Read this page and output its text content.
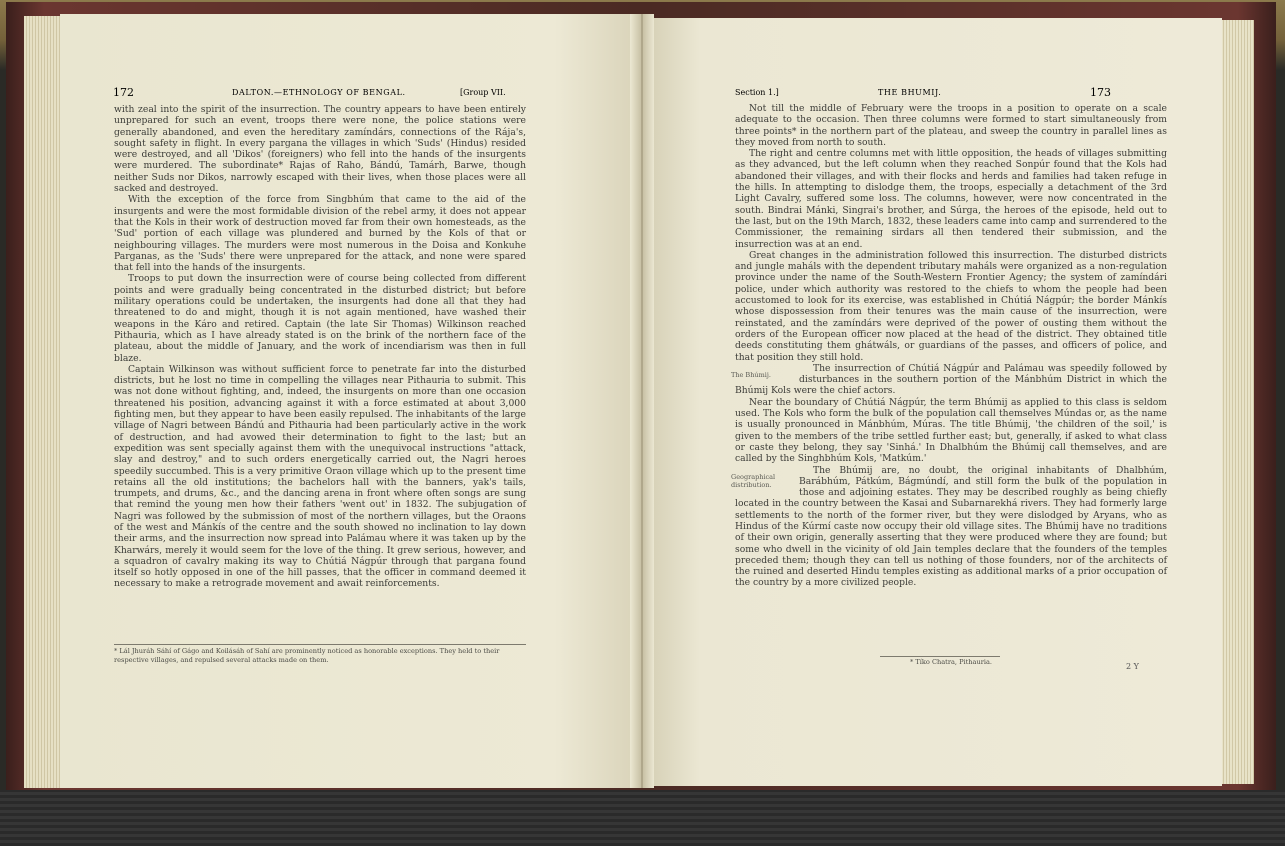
172	DALTON.—ETHNOLOGY OF BENGAL.	[Group VII.

with zeal into the spirit of the insurrection. The country appears to have been entirely unprepared for such an event, troops there were none, the police stations were generally abandoned, and even the hereditary zamíndárs, connections of the Rája's, sought safety in flight. In every pargana the villages in which 'Suds' (Hindus) resided were destroyed, and all 'Dikos' (foreigners) who fell into the hands of the insurgents were murdered. The subordinate* Rajas of Raho, Bándú, Tamárh, Barwe, though neither Suds nor Dikos, narrowly escaped with their lives, when those places were all sacked and destroyed.

With the exception of the force from Singbhúm that came to the aid of the insurgents and were the most formidable division of the rebel army, it does not appear that the Kols in their work of destruction moved far from their own homesteads, as the 'Sud' portion of each village was plundered and burned by the Kols of that or neighbouring villages. The murders were most numerous in the Doisa and Konkuhe Parganas, as the 'Suds' there were unprepared for the attack, and none were spared that fell into the hands of the insurgents.

Troops to put down the insurrection were of course being collected from different points and were gradually being concentrated in the disturbed district; but before military operations could be undertaken, the insurgents had done all that they had threatened to do and might, though it is not again mentioned, have washed their weapons in the Káro and retired. Captain (the late Sir Thomas) Wilkinson reached Pithauria, which as I have already stated is on the brink of the northern face of the plateau, about the middle of January, and the work of incendiarism was then in full blaze.

Captain Wilkinson was without sufficient force to penetrate far into the disturbed districts, but he lost no time in compelling the villages near Pithauria to submit. This was not done without fighting, and, indeed, the insurgents on more than one occasion threatened his position, advancing against it with a force estimated at about 3,000 fighting men, but they appear to have been easily repulsed. The inhabitants of the large village of Nagri between Bándú and Pithauria had been particularly active in the work of destruction, and had avowed their determination to fight to the last; but an expedition was sent specially against them with the unequivocal instructions "attack, slay and destroy," and to such orders energetically carried out, the Nagri heroes speedily succumbed. This is a very primitive Oraon village which up to the present time retains all the old institutions; the bachelors hall with the banners, yak's tails, trumpets, and drums, &c., and the dancing arena in front where often songs are sung that remind the young men how their fathers 'went out' in 1832. The subjugation of Nagri was followed by the submission of most of the northern villages, but the Oraons of the west and Mánkís of the centre and the south showed no inclination to lay down their arms, and the insurrection now spread into Palámau where it was taken up by the Kharwárs, merely it would seem for the love of the thing. It grew serious, however, and a squadron of cavalry making its way to Chútiá Nágpúr through that pargana found itself so hotly opposed in one of the hill passes, that the officer in command deemed it necessary to make a retrograde movement and await reinforcements.

* Lál Jhuráh Sáhí of Gágo and Koilásáh of Sahí are prominently noticed as honorable exceptions. They held to their respective villages, and repulsed several attacks made on them.
Section 1.]	THE BHUMIJ.	173

Not till the middle of February were the troops in a position to operate on a scale adequate to the occasion. Then three columns were formed to start simultaneously from three points* in the northern part of the plateau, and sweep the country in parallel lines as they moved from north to south.

The right and centre columns met with little opposition, the heads of villages submitting as they advanced, but the left column when they reached Sonpúr found that the Kols had abandoned their villages, and with their flocks and herds and families had taken refuge in the hills. In attempting to dislodge them, the troops, especially a detachment of the 3rd Light Cavalry, suffered some loss. The columns, however, were now concentrated in the south. Bindrai Mánki, Singrai's brother, and Súrga, the heroes of the episode, held out to the last, but on the 19th March, 1832, these leaders came into camp and surrendered to the Commissioner, the remaining sirdars all then tendered their submission, and the insurrection was at an end.

Great changes in the administration followed this insurrection. The disturbed districts and jungle maháls with the dependent tributary maháls were organized as a non-regulation province under the name of the South-Western Frontier Agency; the system of zamíndári police, under which authority was restored to the chiefs to whom the people had been accustomed to look for its exercise, was established in Chútiá Nágpúr; the border Mánkís whose dispossession from their tenures was the main cause of the insurrection, were reinstated, and the zamíndárs were deprived of the power of ousting them without the orders of the European officer now placed at the head of the district. They obtained title deeds constituting them ghátwáls, or guardians of the passes, and officers of police, and that position they still hold.

The Bhúmij.
The insurrection of Chútiá Nágpúr and Palámau was speedily followed by disturbances in the southern portion of the Mánbhúm District in which the Bhúmij Kols were the chief actors.

Near the boundary of Chútiá Nágpúr, the term Bhúmij as applied to this class is seldom used. The Kols who form the bulk of the population call themselves Múndas or, as the name is usually pronounced in Mánbhúm, Múras. The title Bhúmij, 'the children of the soil,' is given to the members of the tribe settled further east; but, generally, if asked to what class or caste they belong, they say 'Sinhá.' In Dhalbhúm the Bhúmij call themselves, and are called by the Singhbhúm Kols, 'Matkúm.'

Geographical distribution.
The Bhúmij are, no doubt, the original inhabitants of Dhalbhúm, Barábhúm, Pátkúm, Bágmúndí, and still form the bulk of the population in those and adjoining estates. They may be described roughly as being chiefly located in the country between the Kasai and Subarnarekhá rivers. They had formerly large settlements to the north of the former river, but they were dislodged by Aryans, who as Hindus of the Kúrmí caste now occupy their old village sites. The Bhúmij have no traditions of their own origin, generally asserting that they were produced where they are found; but some who dwell in the vicinity of old Jain temples declare that the founders of the temples preceded them; though they can tell us nothing of those founders, nor of the architects of the ruined and deserted Hindu temples existing as additional marks of a prior occupation of the country by a more civilized people.

* Tíko Chatra, Pithauria.	2 Y
